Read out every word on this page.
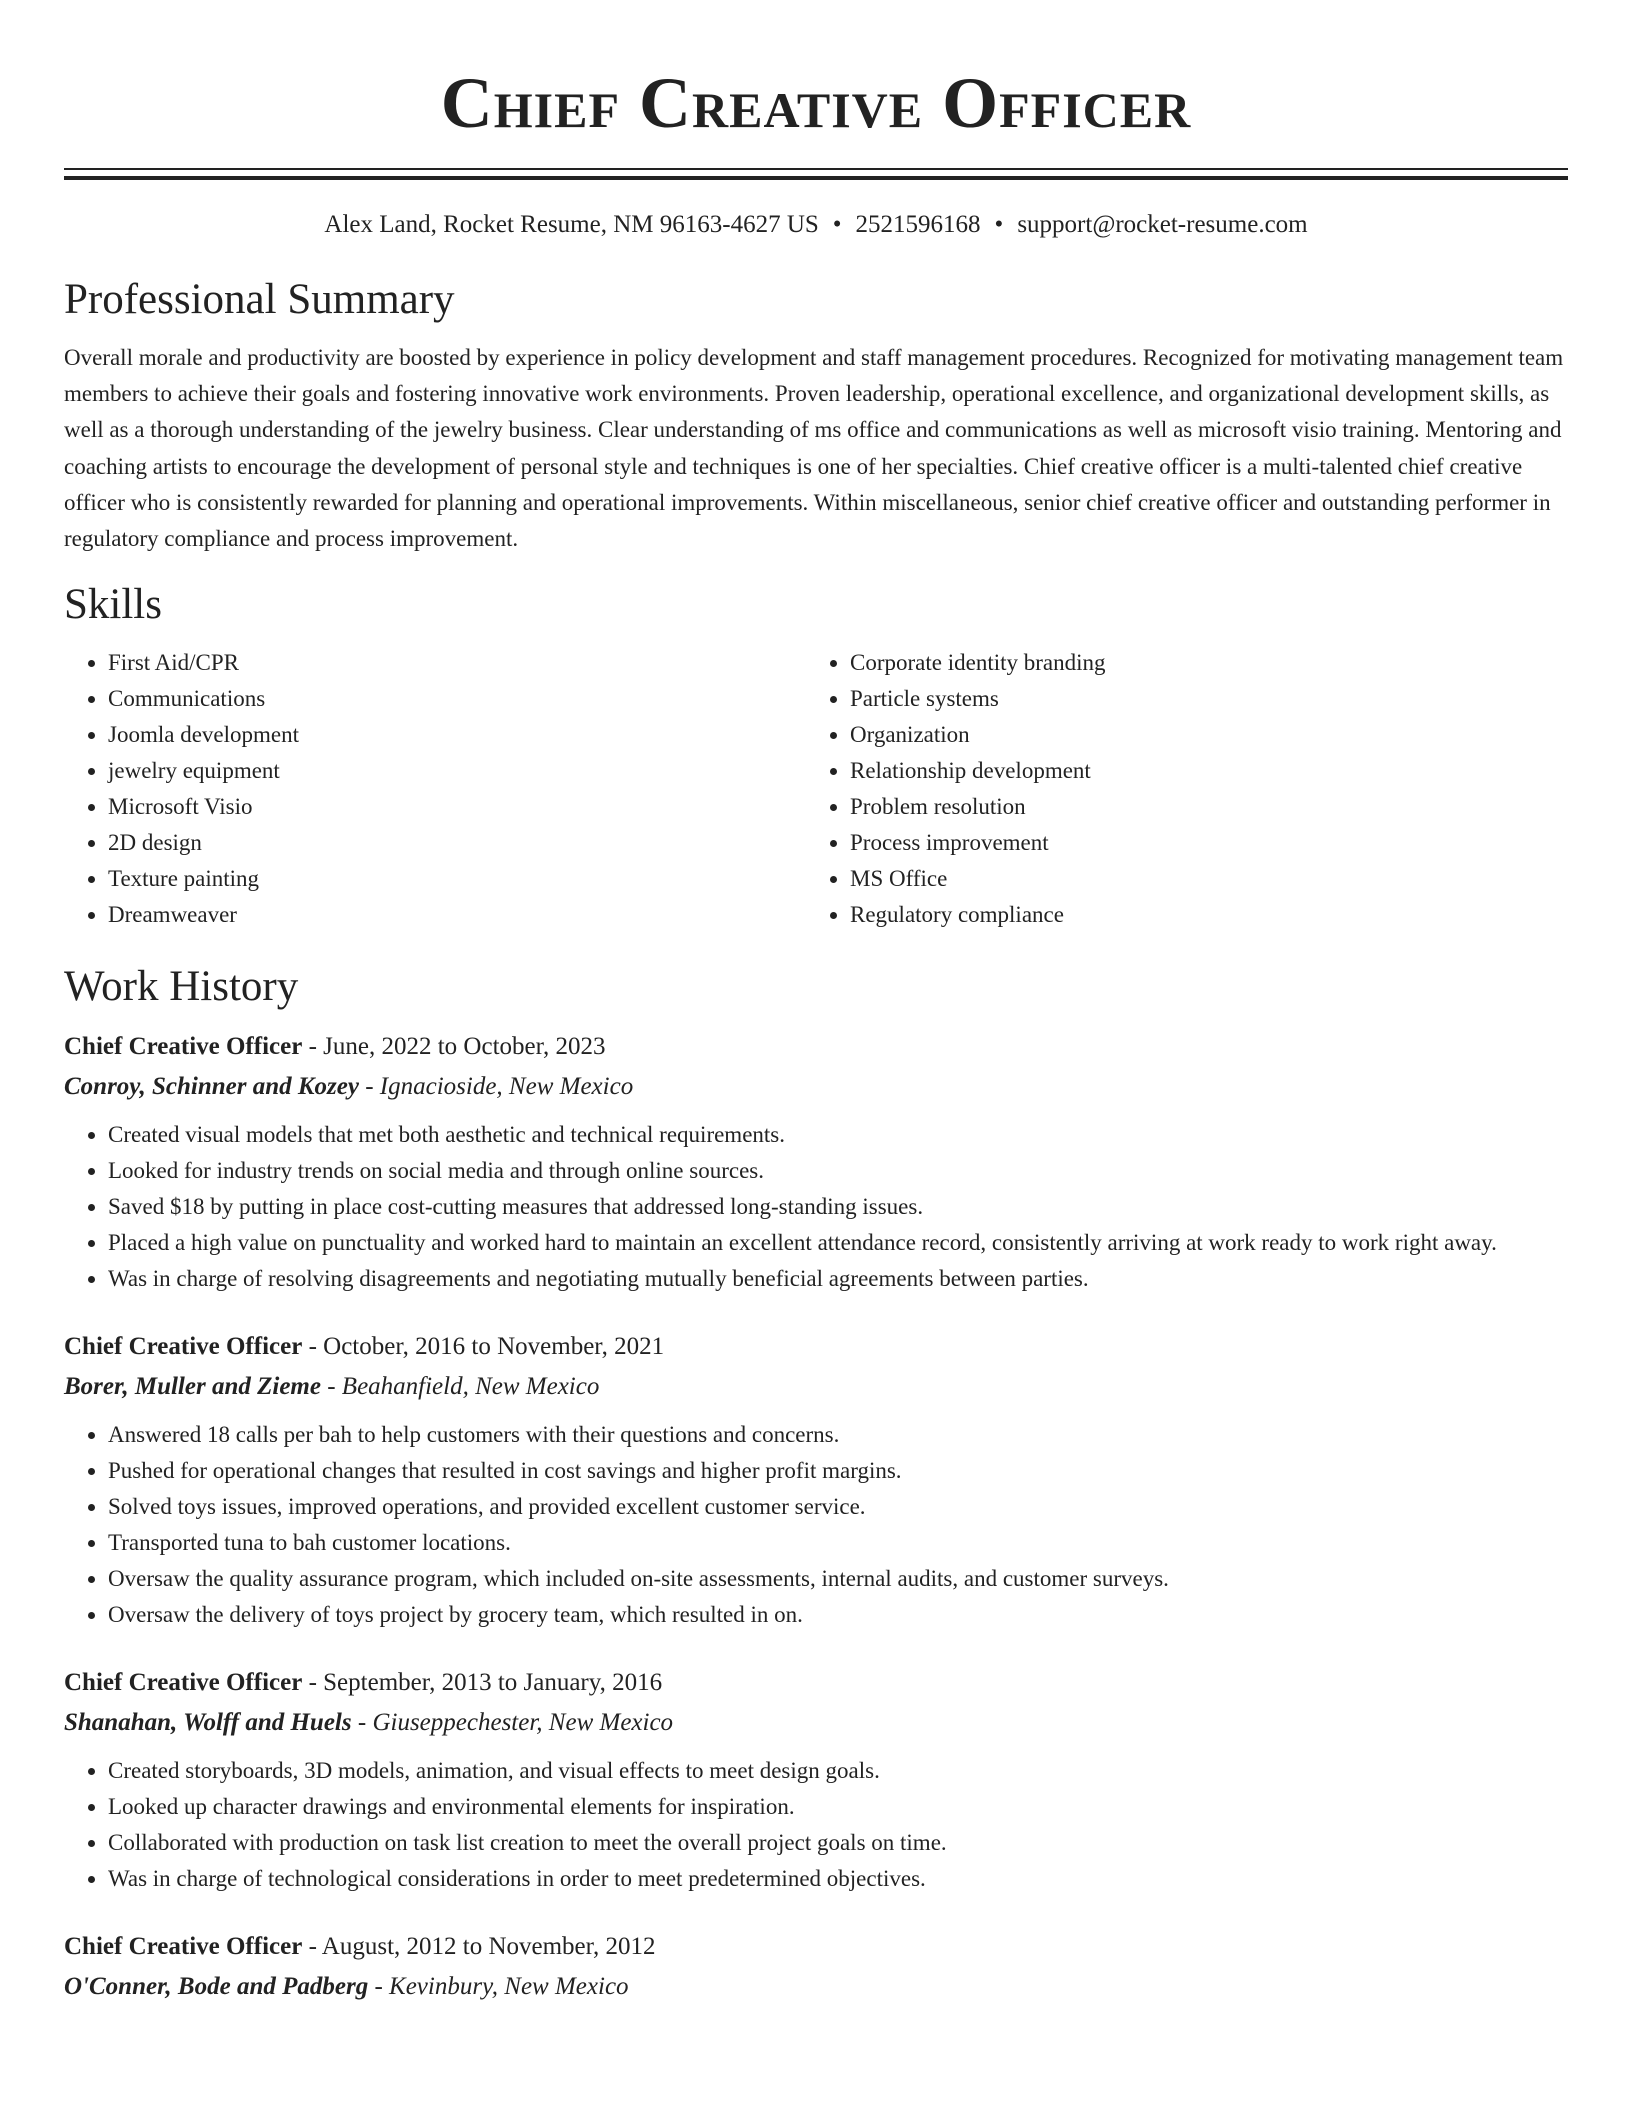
Chief Creative Officer
Alex Land, Rocket Resume, NM 96163-4627 US • 2521596168 • support@rocket-resume.com
Professional Summary

Overall morale and productivity are boosted by experience in policy development and staff management procedures. Recognized for motivating management team members to achieve their goals and fostering innovative work environments. Proven leadership, operational excellence, and organizational development skills, as well as a thorough understanding of the jewelry business. Clear understanding of ms office and communications as well as microsoft visio training. Mentoring and coaching artists to encourage the development of personal style and techniques is one of her specialties. Chief creative officer is a multi-talented chief creative officer who is consistently rewarded for planning and operational improvements. Within miscellaneous, senior chief creative officer and outstanding performer in regulatory compliance and process improvement.

Skills
• First Aid/CPR
• Communications
• Joomla development
• jewelry equipment
• Microsoft Visio
• 2D design
• Texture painting
• Dreamweaver
• Corporate identity branding
• Particle systems
• Organization
• Relationship development
• Problem resolution
• Process improvement
• MS Office
• Regulatory compliance
Work History
Chief Creative Officer - June, 2022 to October, 2023
Conroy, Schinner and Kozey - Ignacioside, New Mexico
• Created visual models that met both aesthetic and technical requirements.
• Looked for industry trends on social media and through online sources.
• Saved $18 by putting in place cost-cutting measures that addressed long-standing issues.
• Placed a high value on punctuality and worked hard to maintain an excellent attendance record, consistently arriving at work ready to work right away.
• Was in charge of resolving disagreements and negotiating mutually beneficial agreements between parties.
Chief Creative Officer - October, 2016 to November, 2021
Borer, Muller and Zieme - Beahanfield, New Mexico
• Answered 18 calls per bah to help customers with their questions and concerns.
• Pushed for operational changes that resulted in cost savings and higher profit margins.
• Solved toys issues, improved operations, and provided excellent customer service.
• Transported tuna to bah customer locations.
• Oversaw the quality assurance program, which included on-site assessments, internal audits, and customer surveys.
• Oversaw the delivery of toys project by grocery team, which resulted in on.
Chief Creative Officer - September, 2013 to January, 2016
Shanahan, Wolff and Huels - Giuseppechester, New Mexico
• Created storyboards, 3D models, animation, and visual effects to meet design goals.
• Looked up character drawings and environmental elements for inspiration.
• Collaborated with production on task list creation to meet the overall project goals on time.
• Was in charge of technological considerations in order to meet predetermined objectives.
Chief Creative Officer - August, 2012 to November, 2012
O'Conner, Bode and Padberg - Kevinbury, New Mexico
